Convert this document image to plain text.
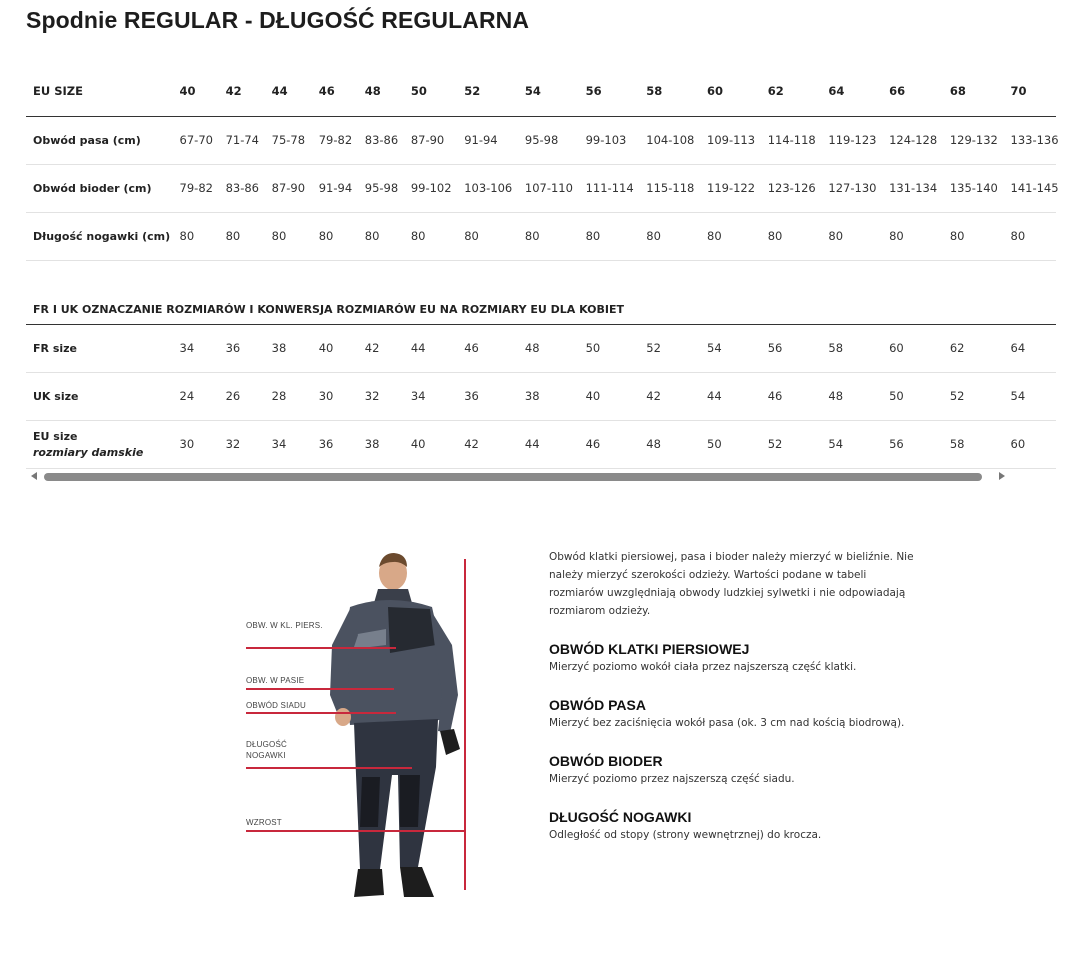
Spodnie REGULAR - DŁUGOŚĆ REGULARNA
EU SIZE	40	42	44	46	48	50	52	54	56	58	60	62	64	66	68	70
Obwód pasa (cm)	67-70	71-74	75-78	79-82	83-86	87-90	91-94	95-98	99-103	104-108	109-113	114-118	119-123	124-128	129-132	133-136
Obwód bioder (cm)	79-82	83-86	87-90	91-94	95-98	99-102	103-106	107-110	111-114	115-118	119-122	123-126	127-130	131-134	135-140	141-145
Długość nogawki (cm)	80	80	80	80	80	80	80	80	80	80	80	80	80	80	80	80
FR I UK OZNACZANIE ROZMIARÓW I KONWERSJA ROZMIARÓW EU NA ROZMIARY EU DLA KOBIET																
FR size	34	36	38	40	42	44	46	48	50	52	54	56	58	60	62	64
UK size	24	26	28	30	32	34	36	38	40	42	44	46	48	50	52	54
EU size
rozmiary damskie	30	32	34	36	38	40	42	44	46	48	50	52	54	56	58	60
OBW. W KL. PIERS.
OBW. W PASIE
OBWÓD SIADU
DŁUGOŚĆ
NOGAWKI
WZROST

Obwód klatki piersiowej, pasa i bioder należy mierzyć w bieliźnie. Nie należy mierzyć szerokości odzieży. Wartości podane w tabeli rozmiarów uwzględniają obwody ludzkiej sylwetki i nie odpowiadają rozmiarom odzieży.

OBWÓD KLATKI PIERSIOWEJ

Mierzyć poziomo wokół ciała przez najszerszą część klatki.

OBWÓD PASA

Mierzyć bez zaciśnięcia wokół pasa (ok. 3 cm nad kością biodrową).

OBWÓD BIODER

Mierzyć poziomo przez najszerszą część siadu.

DŁUGOŚĆ NOGAWKI

Odległość od stopy (strony wewnętrznej) do krocza.
